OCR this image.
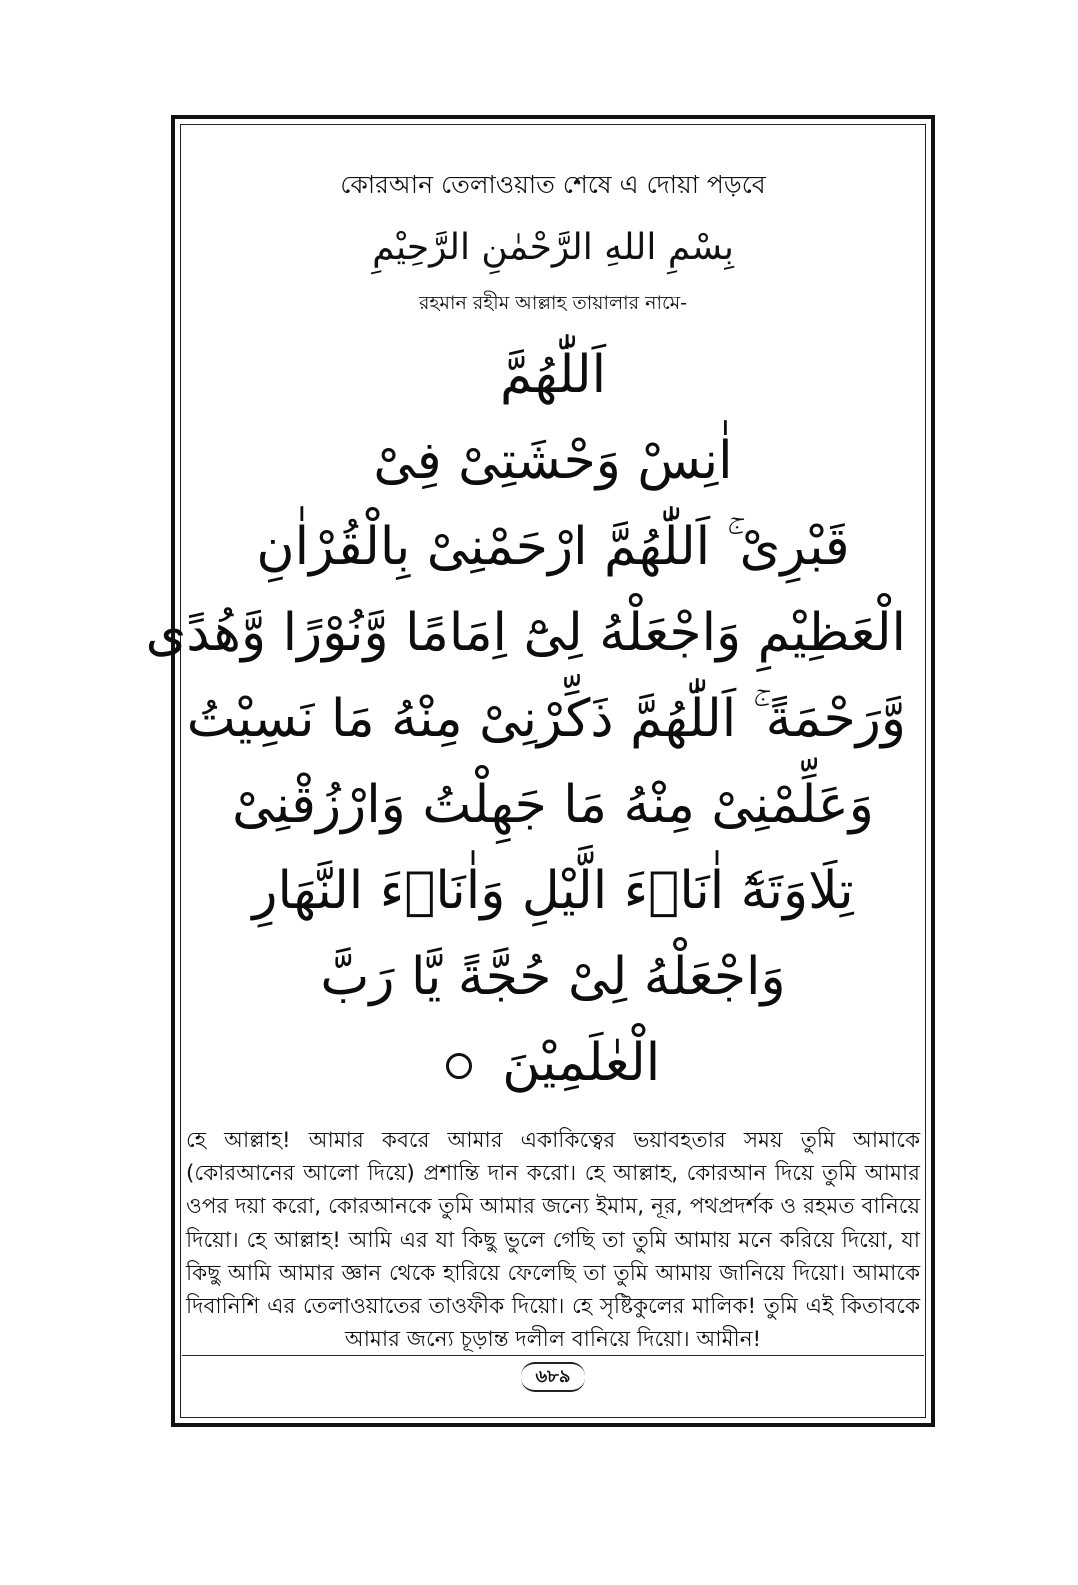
কোরআন তেলাওয়াত শেষে এ দোয়া পড়বে
بِسْمِ اللهِ الرَّحْمٰنِ الرَّحِيْمِ
রহমান রহীম আল্লাহ তায়ালার নামে-
اَللّٰهُمَّ
اٰنِسْ وَحْشَتِىْ فِىْ
قَبْرِىْ ۚ اَللّٰهُمَّ ارْحَمْنِىْ بِالْقُرْاٰنِ
الْعَظِيْمِ وَاجْعَلْهُ لِىْٓ اِمَامًا وَّنُوْرًا وَّهُدًى
وَّرَحْمَةً ۚ اَللّٰهُمَّ ذَكِّرْنِىْ مِنْهُ مَا نَسِيْتُ
وَعَلِّمْنِىْ مِنْهُ مَا جَهِلْتُ وَارْزُقْنِىْ
تِلَاوَتَهٗٓ اٰنَاۤءَ الَّيْلِ وَاٰنَاۤءَ النَّهَارِ
وَاجْعَلْهُ لِىْ حُجَّةً يَّا رَبَّ
الْعٰلَمِيْنَ
হে আল্লাহ! আমার কবরে আমার একাকিত্বের ভয়াবহতার সময় তুমি আমাকে (কোরআনের আলো দিয়ে) প্রশান্তি দান করো। হে আল্লাহ, কোরআন দিয়ে তুমি আমার ওপর দয়া করো, কোরআনকে তুমি আমার জন্যে ইমাম, নূর, পথপ্রদর্শক ও রহমত বানিয়ে দিয়ো। হে আল্লাহ! আমি এর যা কিছু ভুলে গেছি তা তুমি আমায় মনে করিয়ে দিয়ো, যা কিছু আমি আমার জ্ঞান থেকে হারিয়ে ফেলেছি তা তুমি আমায় জানিয়ে দিয়ো। আমাকে দিবানিশি এর তেলাওয়াতের তাওফীক দিয়ো। হে সৃষ্টিকুলের মালিক! তুমি এই কিতাবকে আমার জন্যে চূড়ান্ত দলীল বানিয়ে দিয়ো। আমীন!
৬৮৯
